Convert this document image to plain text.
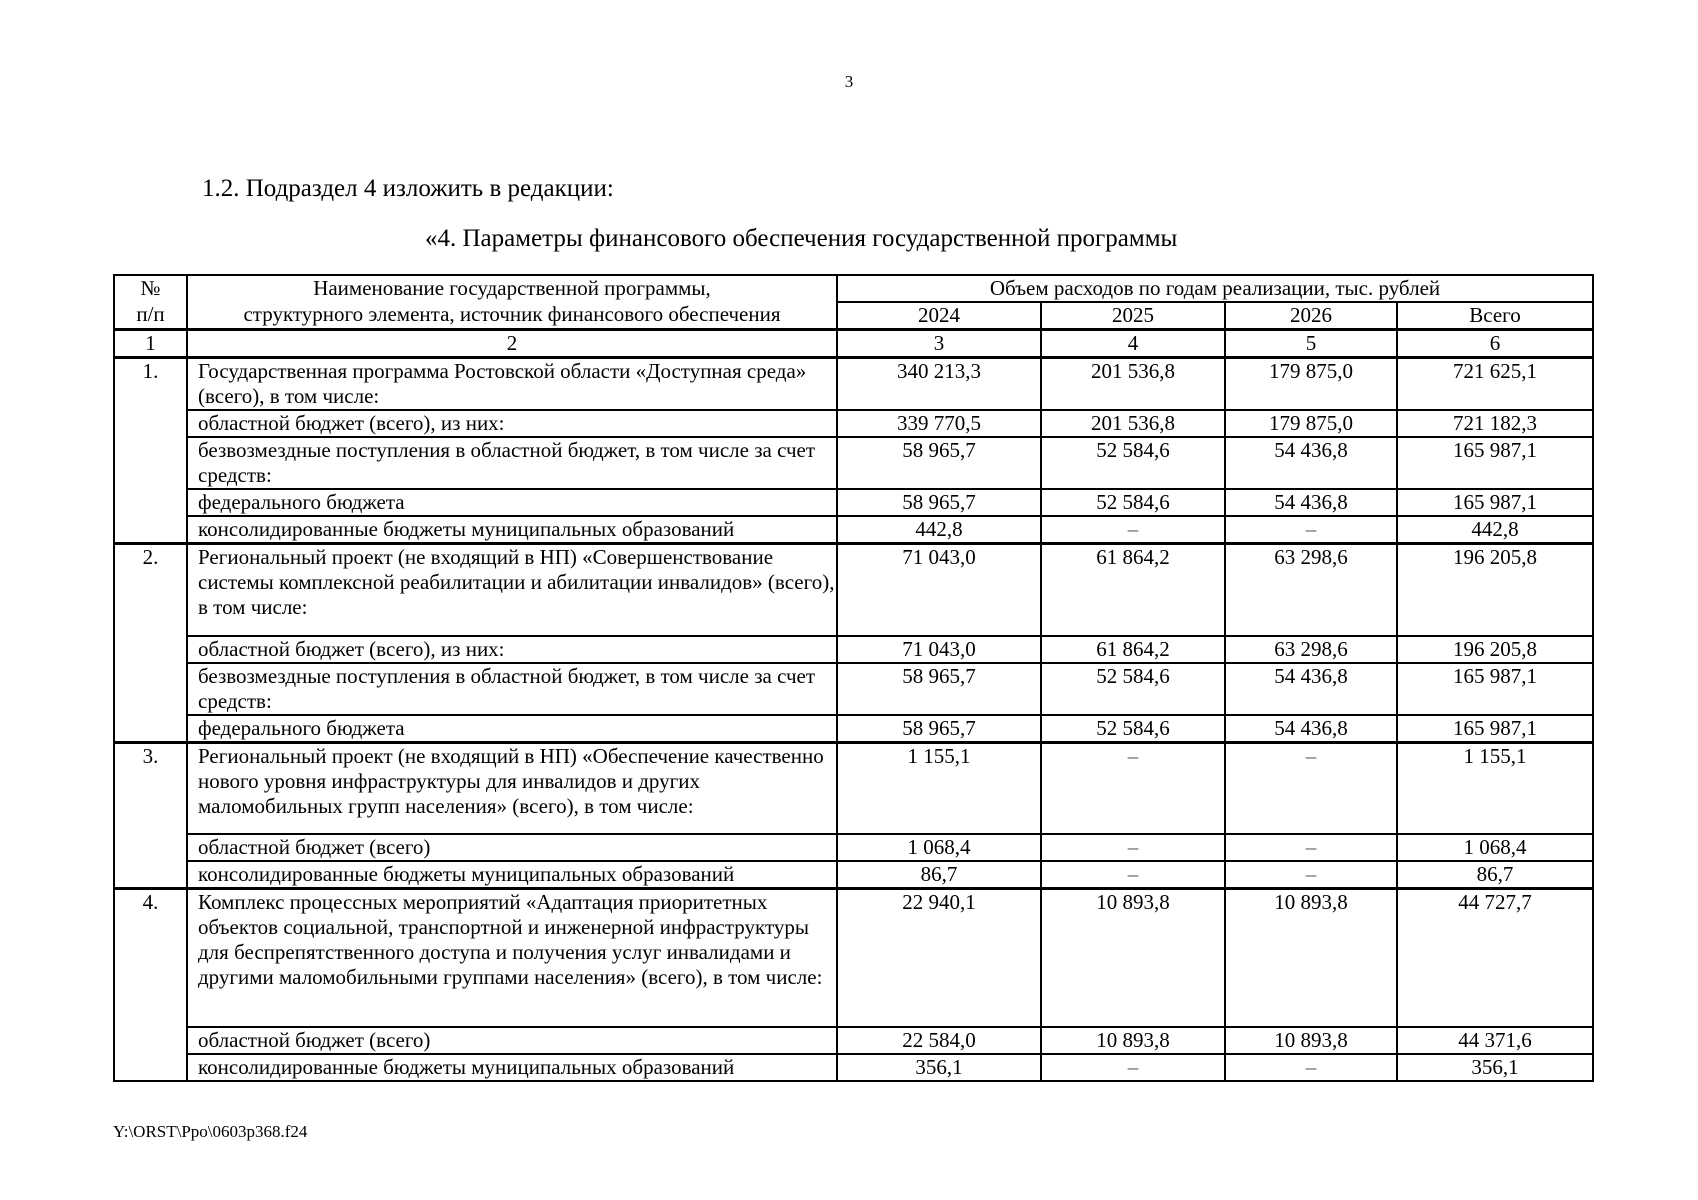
3
1.2. Подраздел 4 изложить в редакции:
«4. Параметры финансового обеспечения государственной программы
№	Наименование государственной программы,	Объем расходов по годам реализации, тыс. рублей			
п/п	структурного элемента, источник финансового обеспечения	2024	2025	2026	Всего
1	2	3	4	5	6
1.	Государственная программа Ростовской области «Доступная среда» (всего), в том числе:	340 213,3	201 536,8	179 875,0	721 625,1
	областной бюджет (всего), из них:	339 770,5	201 536,8	179 875,0	721 182,3
	безвозмездные поступления в областной бюджет, в том числе за счет средств:	58 965,7	52 584,6	54 436,8	165 987,1
	федерального бюджета	58 965,7	52 584,6	54 436,8	165 987,1
	консолидированные бюджеты муниципальных образований	442,8	–	–	442,8
2.	Региональный проект (не входящий в НП) «Совершенствование системы комплексной реабилитации и абилитации инвалидов» (всего), в том числе:	71 043,0	61 864,2	63 298,6	196 205,8
	областной бюджет (всего), из них:	71 043,0	61 864,2	63 298,6	196 205,8
	безвозмездные поступления в областной бюджет, в том числе за счет средств:	58 965,7	52 584,6	54 436,8	165 987,1
	федерального бюджета	58 965,7	52 584,6	54 436,8	165 987,1
3.	Региональный проект (не входящий в НП) «Обеспечение качественно нового уровня инфраструктуры для инвалидов и других маломобильных групп населения» (всего), в том числе:	1 155,1	–	–	1 155,1
	областной бюджет (всего)	1 068,4	–	–	1 068,4
	консолидированные бюджеты муниципальных образований	86,7	–	–	86,7
4.	Комплекс процессных мероприятий «Адаптация приоритетных объектов социальной, транспортной и инженерной инфраструктуры для беспрепятственного доступа и получения услуг инвалидами и другими маломобильными группами населения» (всего), в том числе:	22 940,1	10 893,8	10 893,8	44 727,7
	областной бюджет (всего)	22 584,0	10 893,8	10 893,8	44 371,6
	консолидированные бюджеты муниципальных образований	356,1	–	–	356,1
Y:\ORST\Ppo\0603p368.f24
